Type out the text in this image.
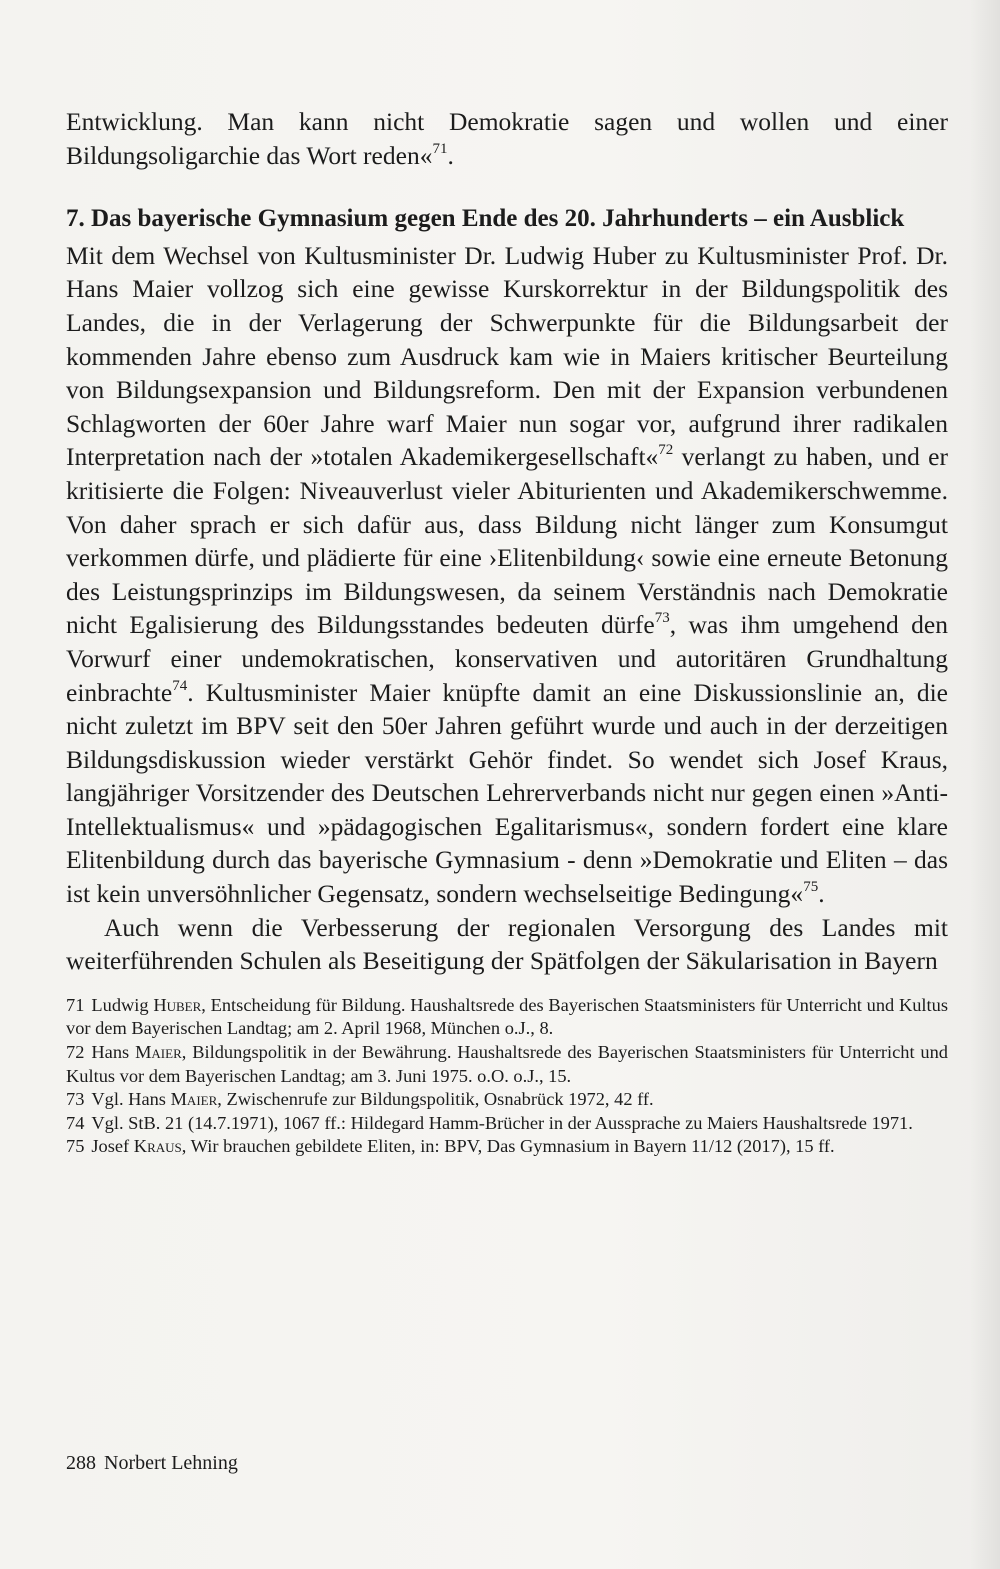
Entwicklung. Man kann nicht Demokratie sagen und wollen und einer Bildungsoligarchie das Wort reden«$^{71}$.

7. Das bayerische Gymnasium gegen Ende des 20. Jahrhunderts – ein Ausblick

Mit dem Wechsel von Kultusminister Dr. Ludwig Huber zu Kultusminister Prof. Dr. Hans Maier vollzog sich eine gewisse Kurskorrektur in der Bildungspolitik des Landes, die in der Verlagerung der Schwerpunkte für die Bildungsarbeit der kommenden Jahre ebenso zum Ausdruck kam wie in Maiers kritischer Beurteilung von Bildungsexpansion und Bildungsreform. Den mit der Expansion verbundenen Schlagworten der 60er Jahre warf Maier nun sogar vor, aufgrund ihrer radikalen Interpretation nach der »totalen Akademikergesellschaft«$^{72}$ verlangt zu haben, und er kritisierte die Folgen: Niveauverlust vieler Abiturienten und Akademikerschwemme. Von daher sprach er sich dafür aus, dass Bildung nicht länger zum Konsumgut verkommen dürfe, und plädierte für eine ›Elitenbildung‹ sowie eine erneute Betonung des Leistungsprinzips im Bildungswesen, da seinem Verständnis nach Demokratie nicht Egalisierung des Bildungsstandes bedeuten dürfe$^{73}$, was ihm umgehend den Vorwurf einer undemokratischen, konservativen und autoritären Grundhaltung einbrachte$^{74}$. Kultusminister Maier knüpfte damit an eine Diskussionslinie an, die nicht zuletzt im BPV seit den 50er Jahren geführt wurde und auch in der derzeitigen Bildungsdiskussion wieder verstärkt Gehör findet. So wendet sich Josef Kraus, langjähriger Vorsitzender des Deutschen Lehrerverbands nicht nur gegen einen »Anti-Intellektualismus« und »pädagogischen Egalitarismus«, sondern fordert eine klare Elitenbildung durch das bayerische Gymnasium - denn »Demokratie und Eliten – das ist kein unversöhnlicher Gegensatz, sondern wechselseitige Bedingung«$^{75}$.

Auch wenn die Verbesserung der regionalen Versorgung des Landes mit weiterführenden Schulen als Beseitigung der Spätfolgen der Säkularisation in Bayern

71 Ludwig Huber, Entscheidung für Bildung. Haushaltsrede des Bayerischen Staatsministers für Unterricht und Kultus vor dem Bayerischen Landtag; am 2. April 1968, München o.J., 8.

72 Hans Maier, Bildungspolitik in der Bewährung. Haushaltsrede des Bayerischen Staatsministers für Unterricht und Kultus vor dem Bayerischen Landtag; am 3. Juni 1975. o.O. o.J., 15.

73 Vgl. Hans Maier, Zwischenrufe zur Bildungspolitik, Osnabrück 1972, 42 ff.

74 Vgl. StB. 21 (14.7.1971), 1067 ff.: Hildegard Hamm-Brücher in der Aussprache zu Maiers Haushaltsrede 1971.

75 Josef Kraus, Wir brauchen gebildete Eliten, in: BPV, Das Gymnasium in Bayern 11/12 (2017), 15 ff.

288 Norbert Lehning
